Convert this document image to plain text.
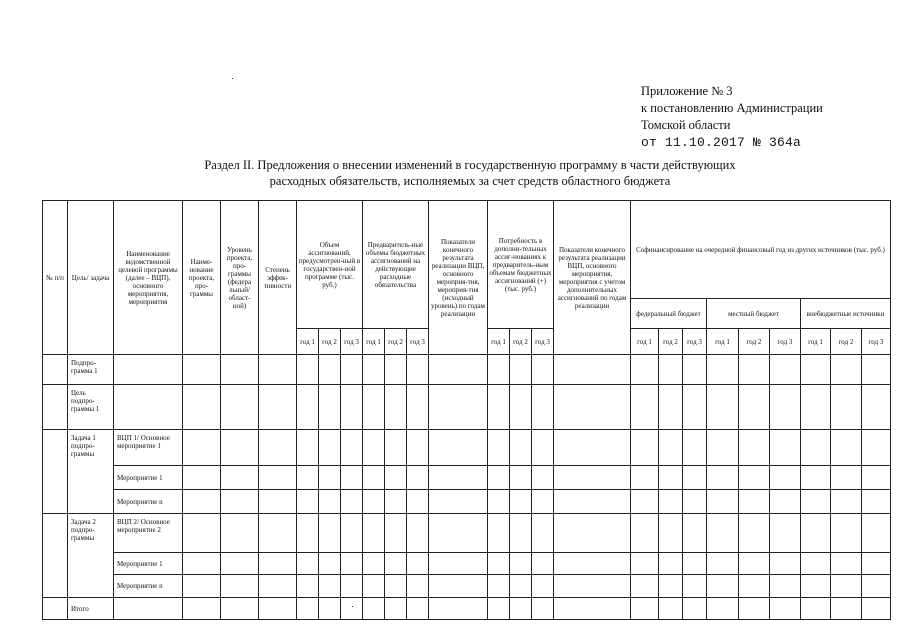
Приложение № 3
к постановлению Администрации
Томской области
от 11.10.2017 № 364а
Раздел II. Предложения о внесении изменений в государственную программу в части действующих
расходных обязательств, исполняемых за счет средств областного бюджета
№ п/п	Цель/ задача	Наименование ведомственной целевой программы (далее – ВЦП), основного мероприятия, мероприятия	Наиме-нование проекта, про-граммы	Уровень проекта, про-граммы (федера льный/ област-ной)	Степень эффек-тивности	Объем ассигнований, предусмотрен-ный в государствен-ной программе (тыс. руб.)			Предваритель-ные объемы бюджетных ассигнований на действующие расходные обязательства			Показатели конечного результата реализации ВЦП, основного мероприя-тия, мероприя-тия (исходный уровень) по годам реализации	Потребность в дополни-тельных ассиг-нованиях к предваритель-ным объемам бюджетных ассигнований (+) (тыс. руб.)			Показатели конечного результата реализации ВЦП, основного мероприятия, мероприятия с учетом дополнительных ассигнований по годам реализации	Софинансирование на очередной финансовый год из других источников (тыс. руб.)								
																	федеральный бюджет			местный бюджет			внебюджетные источники		
						год 1	год 2	год 3	год 1	год 2	год 3		год 1	год 2	год 3		год 1	год 2	год 3	год 1	год 2	год 3	год 1	год 2	год 3
	Подпро-грамма 1																								
	Цель подпро-граммы 1																								
	Задача 1 подпро-граммы	ВЦП 1/ Основное мероприятие 1																							
		Мероприятие 1																							
		Мероприятие n																							
	Задача 2 подпро-граммы	ВЦП 2/ Основное мероприятие 2																							
		Мероприятие 1																							
		Мероприятие n																							
	Итого																								
